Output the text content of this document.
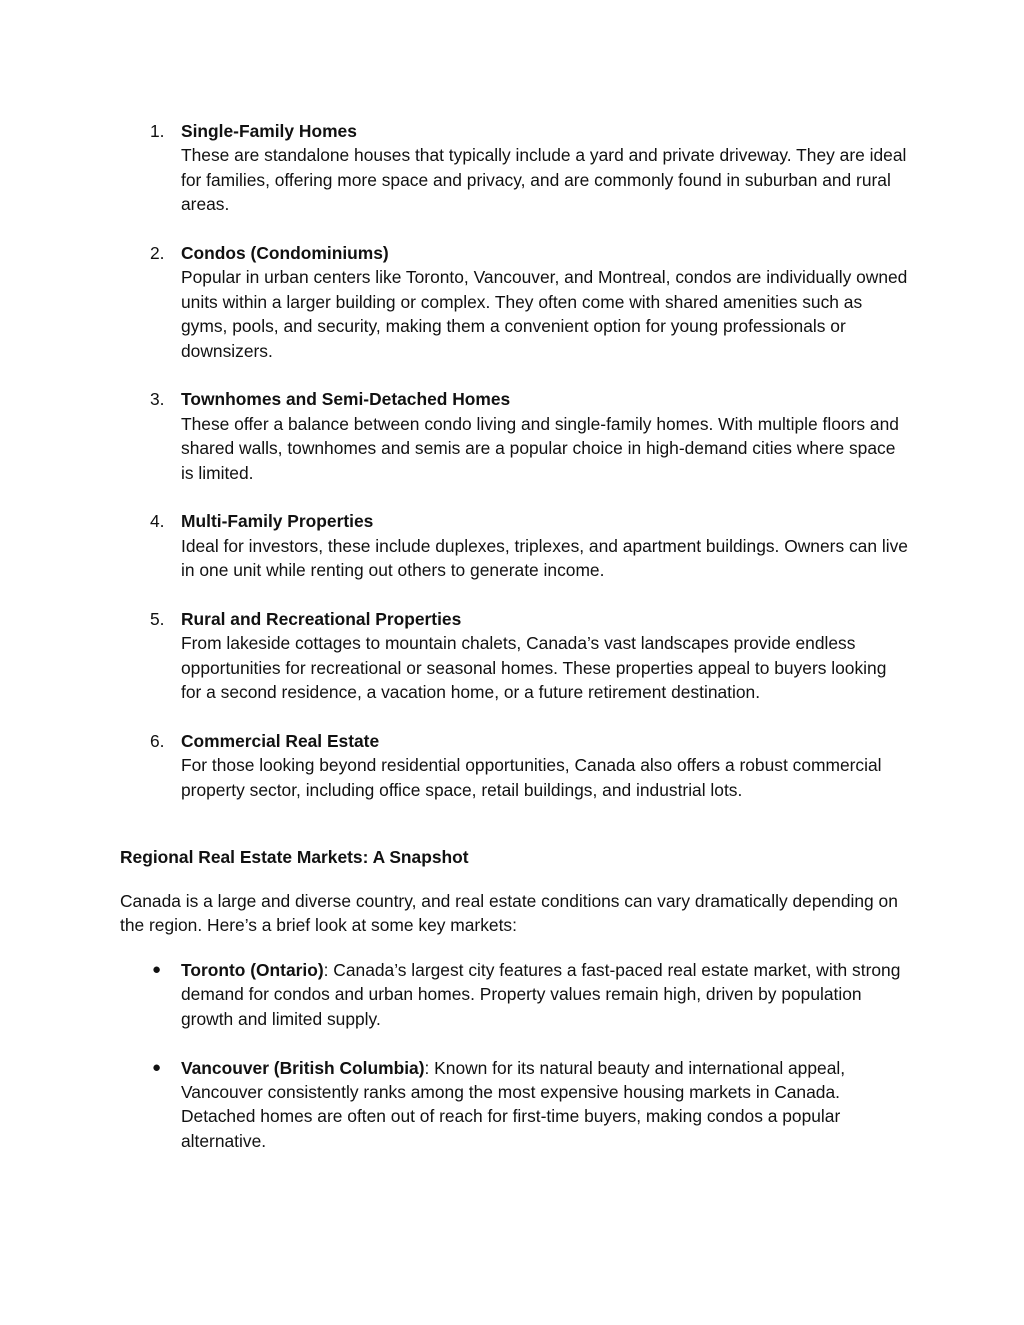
1. Single-Family Homes
These are standalone houses that typically include a yard and private driveway. They are ideal for families, offering more space and privacy, and are commonly found in suburban and rural areas.
2. Condos (Condominiums)
Popular in urban centers like Toronto, Vancouver, and Montreal, condos are individually owned units within a larger building or complex. They often come with shared amenities such as gyms, pools, and security, making them a convenient option for young professionals or downsizers.
3. Townhomes and Semi-Detached Homes
These offer a balance between condo living and single-family homes. With multiple floors and shared walls, townhomes and semis are a popular choice in high-demand cities where space is limited.
4. Multi-Family Properties
Ideal for investors, these include duplexes, triplexes, and apartment buildings. Owners can live in one unit while renting out others to generate income.
5. Rural and Recreational Properties
From lakeside cottages to mountain chalets, Canada’s vast landscapes provide endless opportunities for recreational or seasonal homes. These properties appeal to buyers looking for a second residence, a vacation home, or a future retirement destination.
6. Commercial Real Estate
For those looking beyond residential opportunities, Canada also offers a robust commercial property sector, including office space, retail buildings, and industrial lots.
Regional Real Estate Markets: A Snapshot

Canada is a large and diverse country, and real estate conditions can vary dramatically depending on the region. Here’s a brief look at some key markets:

● Toronto (Ontario): Canada’s largest city features a fast-paced real estate market, with strong demand for condos and urban homes. Property values remain high, driven by population growth and limited supply.
● Vancouver (British Columbia): Known for its natural beauty and international appeal, Vancouver consistently ranks among the most expensive housing markets in Canada. Detached homes are often out of reach for first-time buyers, making condos a popular alternative.
